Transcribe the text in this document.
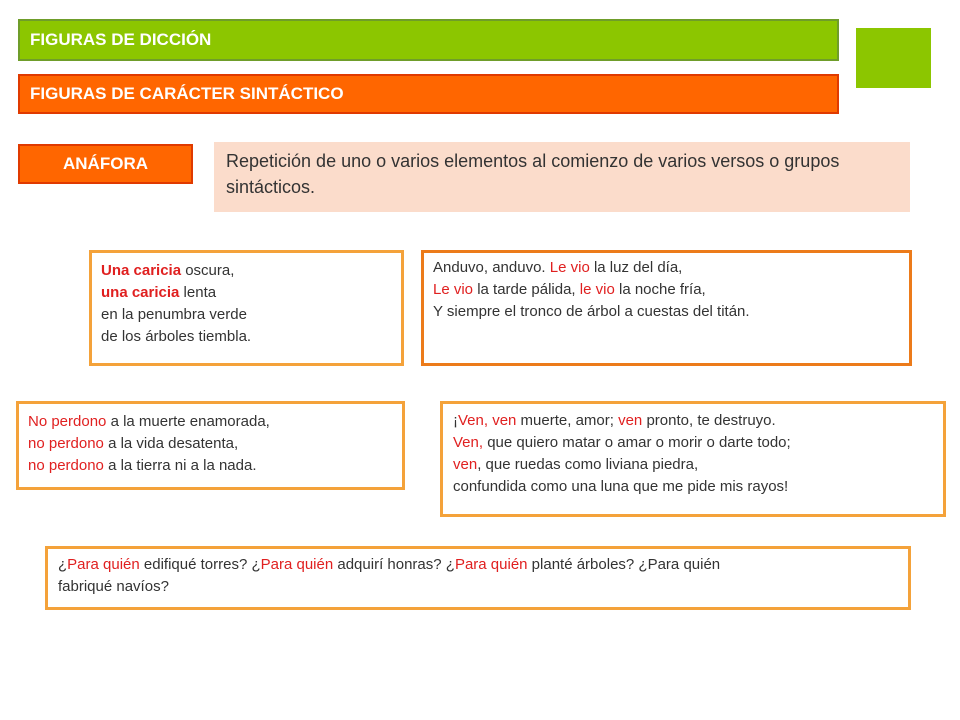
FIGURAS DE DICCIÓN
FIGURAS DE CARÁCTER SINTÁCTICO
ANÁFORA	Repetición de uno o varios elementos al comienzo de varios versos o grupos sintácticos.
Una caricia oscura,
una caricia lenta
en la penumbra verde
de los árboles tiembla.
Anduvo, anduvo. Le vio la luz del día,
Le vio la tarde pálida, le vio la noche fría,
Y siempre el tronco de árbol a cuestas del titán.
No perdono a la muerte enamorada,
no perdono a la vida desatenta,
no perdono a la tierra ni a la nada.
¡Ven, ven muerte, amor; ven pronto, te destruyo.
Ven, que quiero matar o amar o morir o darte todo;
ven, que ruedas como liviana piedra,
confundida como una luna que me pide mis rayos!
¿Para quién edifiqué torres? ¿Para quién adquirí honras? ¿Para quién planté árboles? ¿Para quién
fabriqué navíos?
